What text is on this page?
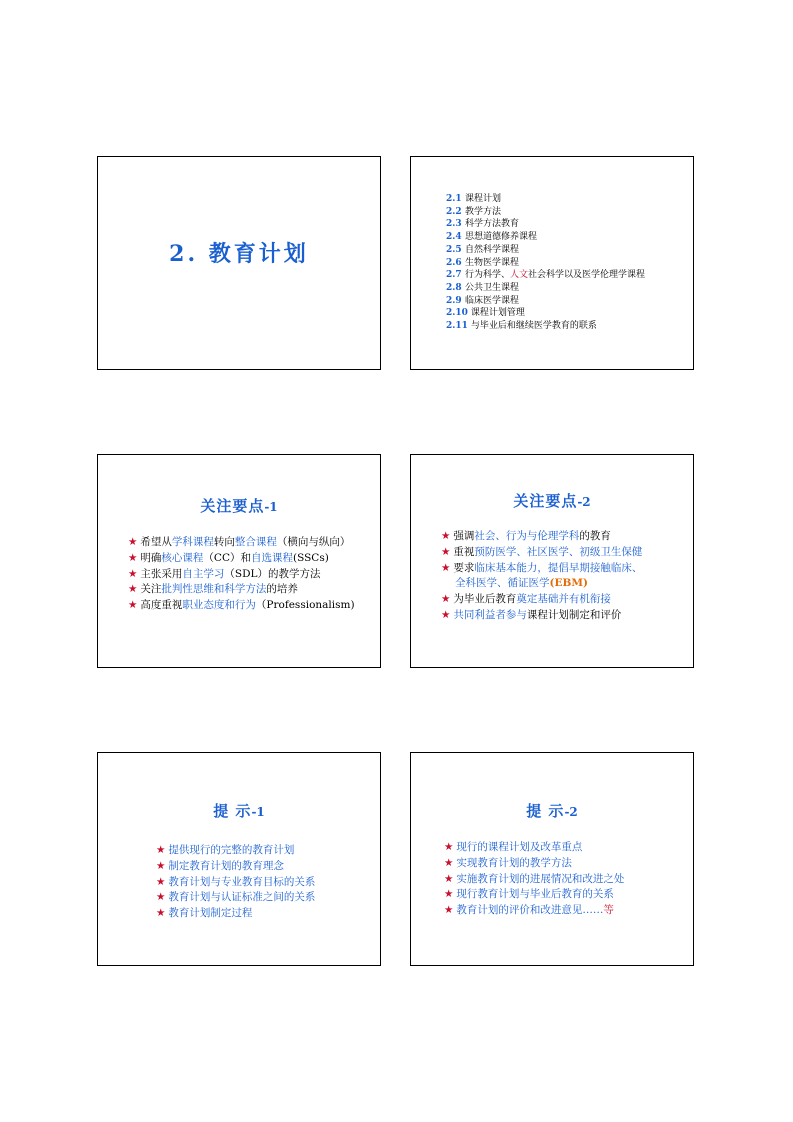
2. 教育计划
2.1 课程计划
2.2 教学方法
2.3 科学方法教育
2.4 思想道德修养课程
2.5 自然科学课程
2.6 生物医学课程
2.7 行为科学、人文社会科学以及医学伦理学课程
2.8 公共卫生课程
2.9 临床医学课程
2.10 课程计划管理
2.11 与毕业后和继续医学教育的联系
关注要点-1
★ 希望从学科课程转向整合课程（横向与纵向）
★ 明确核心课程（CC）和自选课程(SSCs)
★ 主张采用自主学习（SDL）的教学方法
★ 关注批判性思维和科学方法的培养
★ 高度重视职业态度和行为（Professionalism)
关注要点-2
★ 强调社会、行为与伦理学科的教育
★ 重视预防医学、社区医学、初级卫生保健
★ 要求临床基本能力，提倡早期接触临床、
全科医学、循证医学(EBM)
★ 为毕业后教育奠定基础并有机衔接
★ 共同利益者参与课程计划制定和评价
提 示-1
★ 提供现行的完整的教育计划
★ 制定教育计划的教育理念
★ 教育计划与专业教育目标的关系
★ 教育计划与认证标准之间的关系
★ 教育计划制定过程
提 示-2
★ 现行的课程计划及改革重点
★ 实现教育计划的教学方法
★ 实施教育计划的进展情况和改进之处
★ 现行教育计划与毕业后教育的关系
★ 教育计划的评价和改进意见……等
